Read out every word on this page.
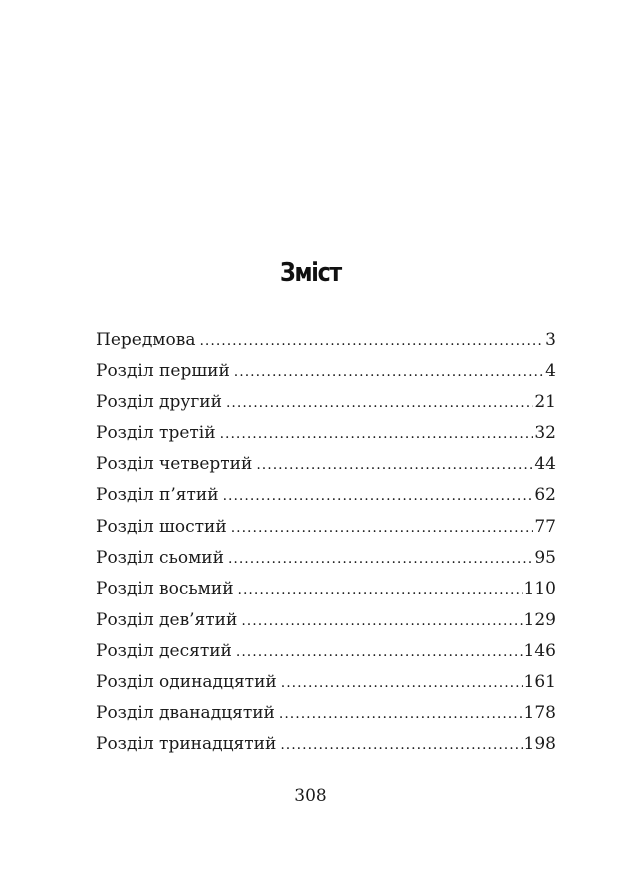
Зміст
Передмова .....	3
Розділ перший .....	4
Розділ другий .....	21
Розділ третій .....	32
Розділ четвертий .....	44
Розділ п’ятий .....	62
Розділ шостий .....	77
Розділ сьомий .....	95
Розділ восьмий .....	110
Розділ дев’ятий .....	129
Розділ десятий .....	146
Розділ одинадцятий .....	161
Розділ дванадцятий .....	178
Розділ тринадцятий .....	198
308
